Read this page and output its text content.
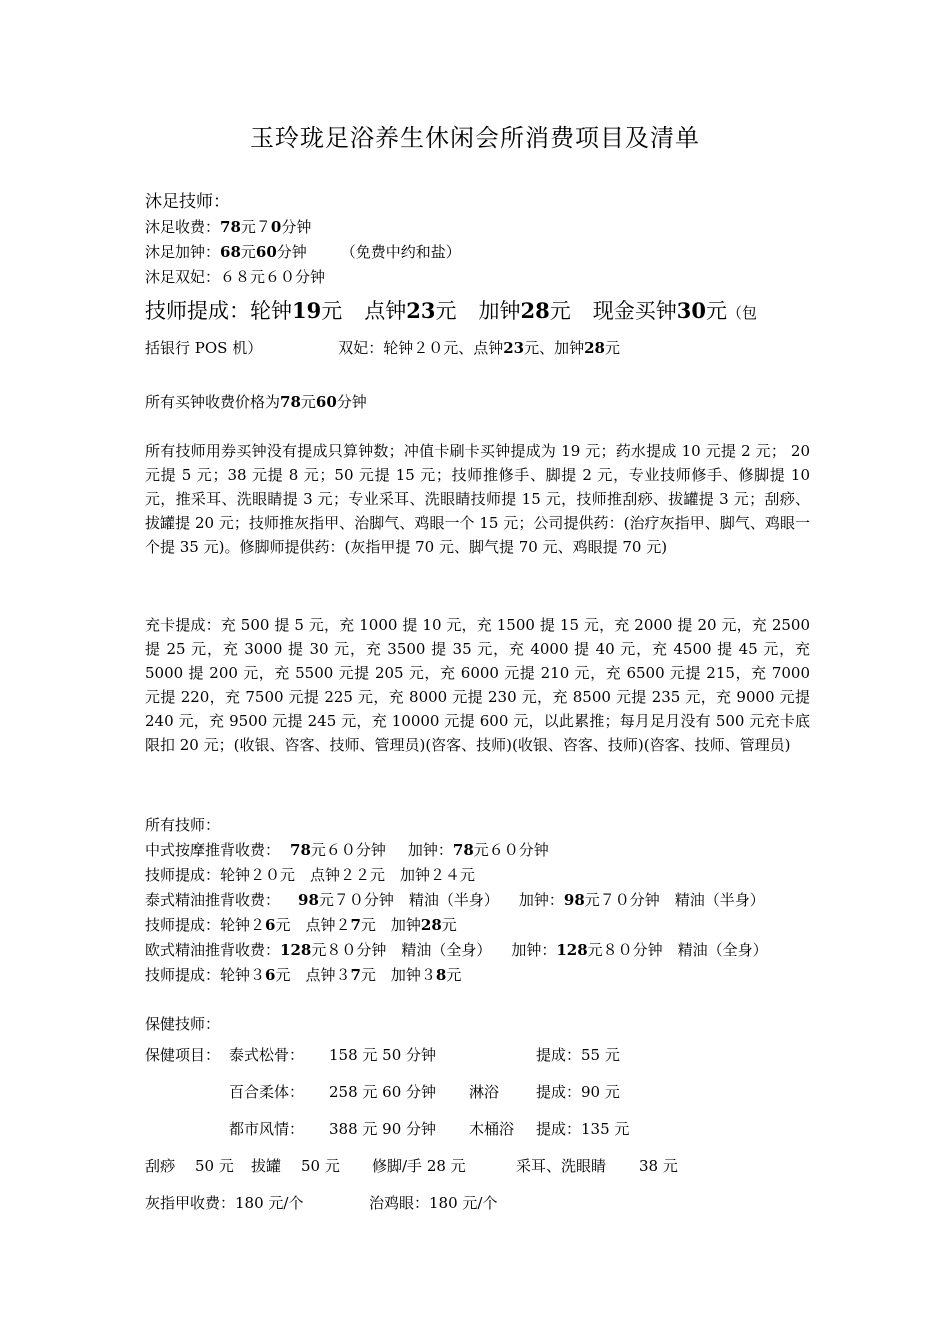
玉玲珑足浴养生休闲会所消费项目及清单
沐足技师：
沐足收费：78元７0分钟
沐足加钟：68元60分钟 （免费中约和盐）
沐足双妃：６８元６０分钟
技师提成：轮钟19元 点钟23元 加钟28元 现金买钟30元（包
括银行 POS 机）	双妃：轮钟２０元、点钟23元、加钟28元
所有买钟收费价格为78元60分钟
所有技师用券买钟没有提成只算钟数；冲值卡刷卡买钟提成为 19 元；药水提成 10 元提 2 元； 20 元提 5 元；38 元提 8 元；50 元提 15 元；技师推修手、脚提 2 元，专业技师修手、修脚提 10 元，推采耳、洗眼睛提 3 元；专业采耳、洗眼睛技师提 15 元，技师推刮痧、拔罐提 3 元；刮痧、拔罐提 20 元；技师推灰指甲、治脚气、鸡眼一个 15 元；公司提供药：(治疗灰指甲、脚气、鸡眼一个提 35 元)。修脚师提供药：(灰指甲提 70 元、脚气提 70 元、鸡眼提 70 元)
充卡提成：充 500 提 5 元，充 1000 提 10 元，充 1500 提 15 元，充 2000 提 20 元，充 2500 提 25 元，充 3000 提 30 元，充 3500 提 35 元，充 4000 提 40 元，充 4500 提 45 元，充 5000 提 200 元，充 5500 元提 205 元，充 6000 元提 210 元，充 6500 元提 215，充 7000 元提 220，充 7500 元提 225 元，充 8000 元提 230 元，充 8500 元提 235 元，充 9000 元提 240 元，充 9500 元提 245 元，充 10000 元提 600 元，以此累推；每月足月没有 500 元充卡底限扣 20 元；(收银、咨客、技师、管理员)(咨客、技师)(收银、咨客、技师)(咨客、技师、管理员)
所有技师：
中式按摩推背收费： 78元６０分钟 加钟：78元６０分钟
技师提成：轮钟２０元　点钟２２元　加钟２４元
泰式精油推背收费： 98元７０分钟　精油（半身） 加钟：98元７０分钟　精油（半身）
技师提成：轮钟２6元　点钟２7元　加钟28元
欧式精油推背收费：128元８０分钟　精油（全身） 加钟：128元８０分钟　精油（全身）
技师提成：轮钟３6元　点钟３7元　加钟３8元
保健技师：
保健项目： 泰式松骨： 158 元 50 分钟	提成：55 元
百合柔体： 258 元 60 分钟 淋浴 提成：90 元
都市风情： 388 元 90 分钟 木桶浴 提成：135 元
刮痧 50 元 拔罐 50 元 修脚/手 28 元	采耳、洗眼睛 38 元
灰指甲收费：180 元/个	治鸡眼：180 元/个
